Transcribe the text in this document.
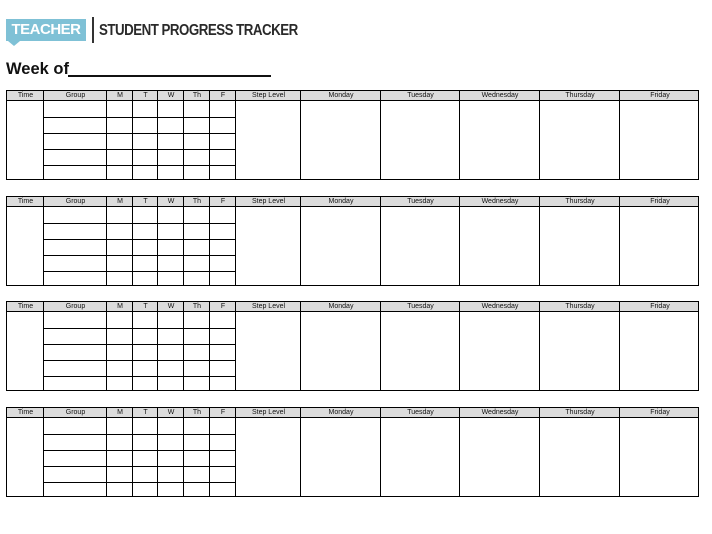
TEACHER	STUDENT PROGRESS TRACKER
Week of
Time	Group	M	T	W	Th	F	Step Level	Monday	Tuesday	Wednesday	Thursday	Friday
Time	Group	M	T	W	Th	F	Step Level	Monday	Tuesday	Wednesday	Thursday	Friday
Time	Group	M	T	W	Th	F	Step Level	Monday	Tuesday	Wednesday	Thursday	Friday
Time	Group	M	T	W	Th	F	Step Level	Monday	Tuesday	Wednesday	Thursday	Friday
